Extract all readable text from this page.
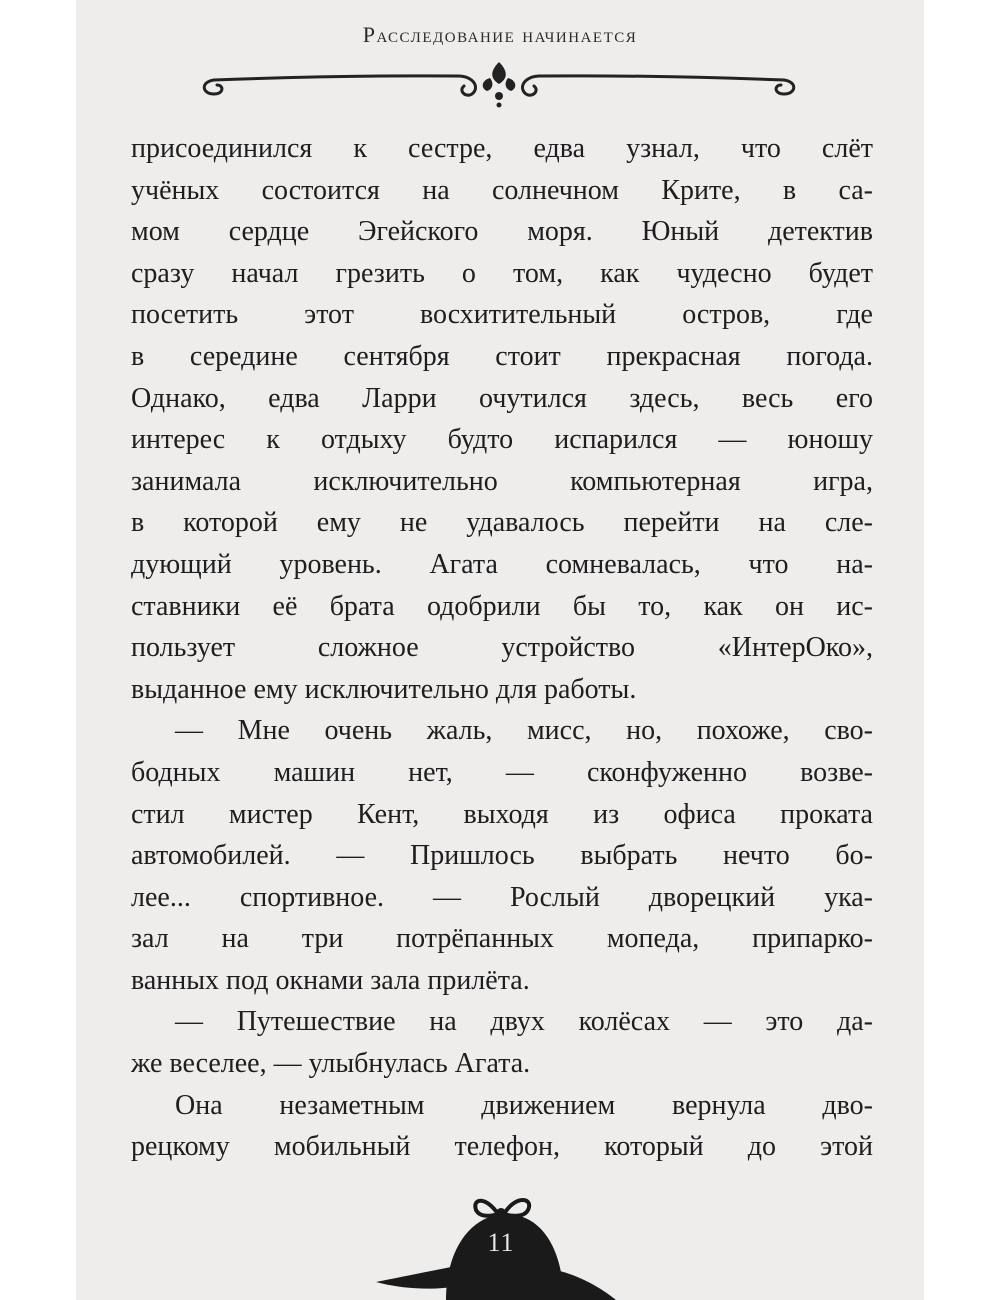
Расследование начинается
присоединился к сестре, едва узнал, что слёт
учёных состоится на солнечном Крите, в са-
мом сердце Эгейского моря. Юный детектив
сразу начал грезить о том, как чудесно будет
посетить этот восхитительный остров, где
в середине сентября стоит прекрасная погода.
Однако, едва Ларри очутился здесь, весь его
интерес к отдыху будто испарился — юношу
занимала исключительно компьютерная игра,
в которой ему не удавалось перейти на сле-
дующий уровень. Агата сомневалась, что на-
ставники её брата одобрили бы то, как он ис-
пользует сложное устройство «ИнтерОко»,
выданное ему исключительно для работы.
— Мне очень жаль, мисс, но, похоже, сво-
бодных машин нет, — сконфуженно возве-
стил мистер Кент, выходя из офиса проката
автомобилей. — Пришлось выбрать нечто бо-
лее... спортивное. — Рослый дворецкий ука-
зал на три потрёпанных мопеда, припарко-
ванных под окнами зала прилёта.
— Путешествие на двух колёсах — это да-
же веселее, — улыбнулась Агата.
Она незаметным движением вернула дво-
рецкому мобильный телефон, который до этой
11
